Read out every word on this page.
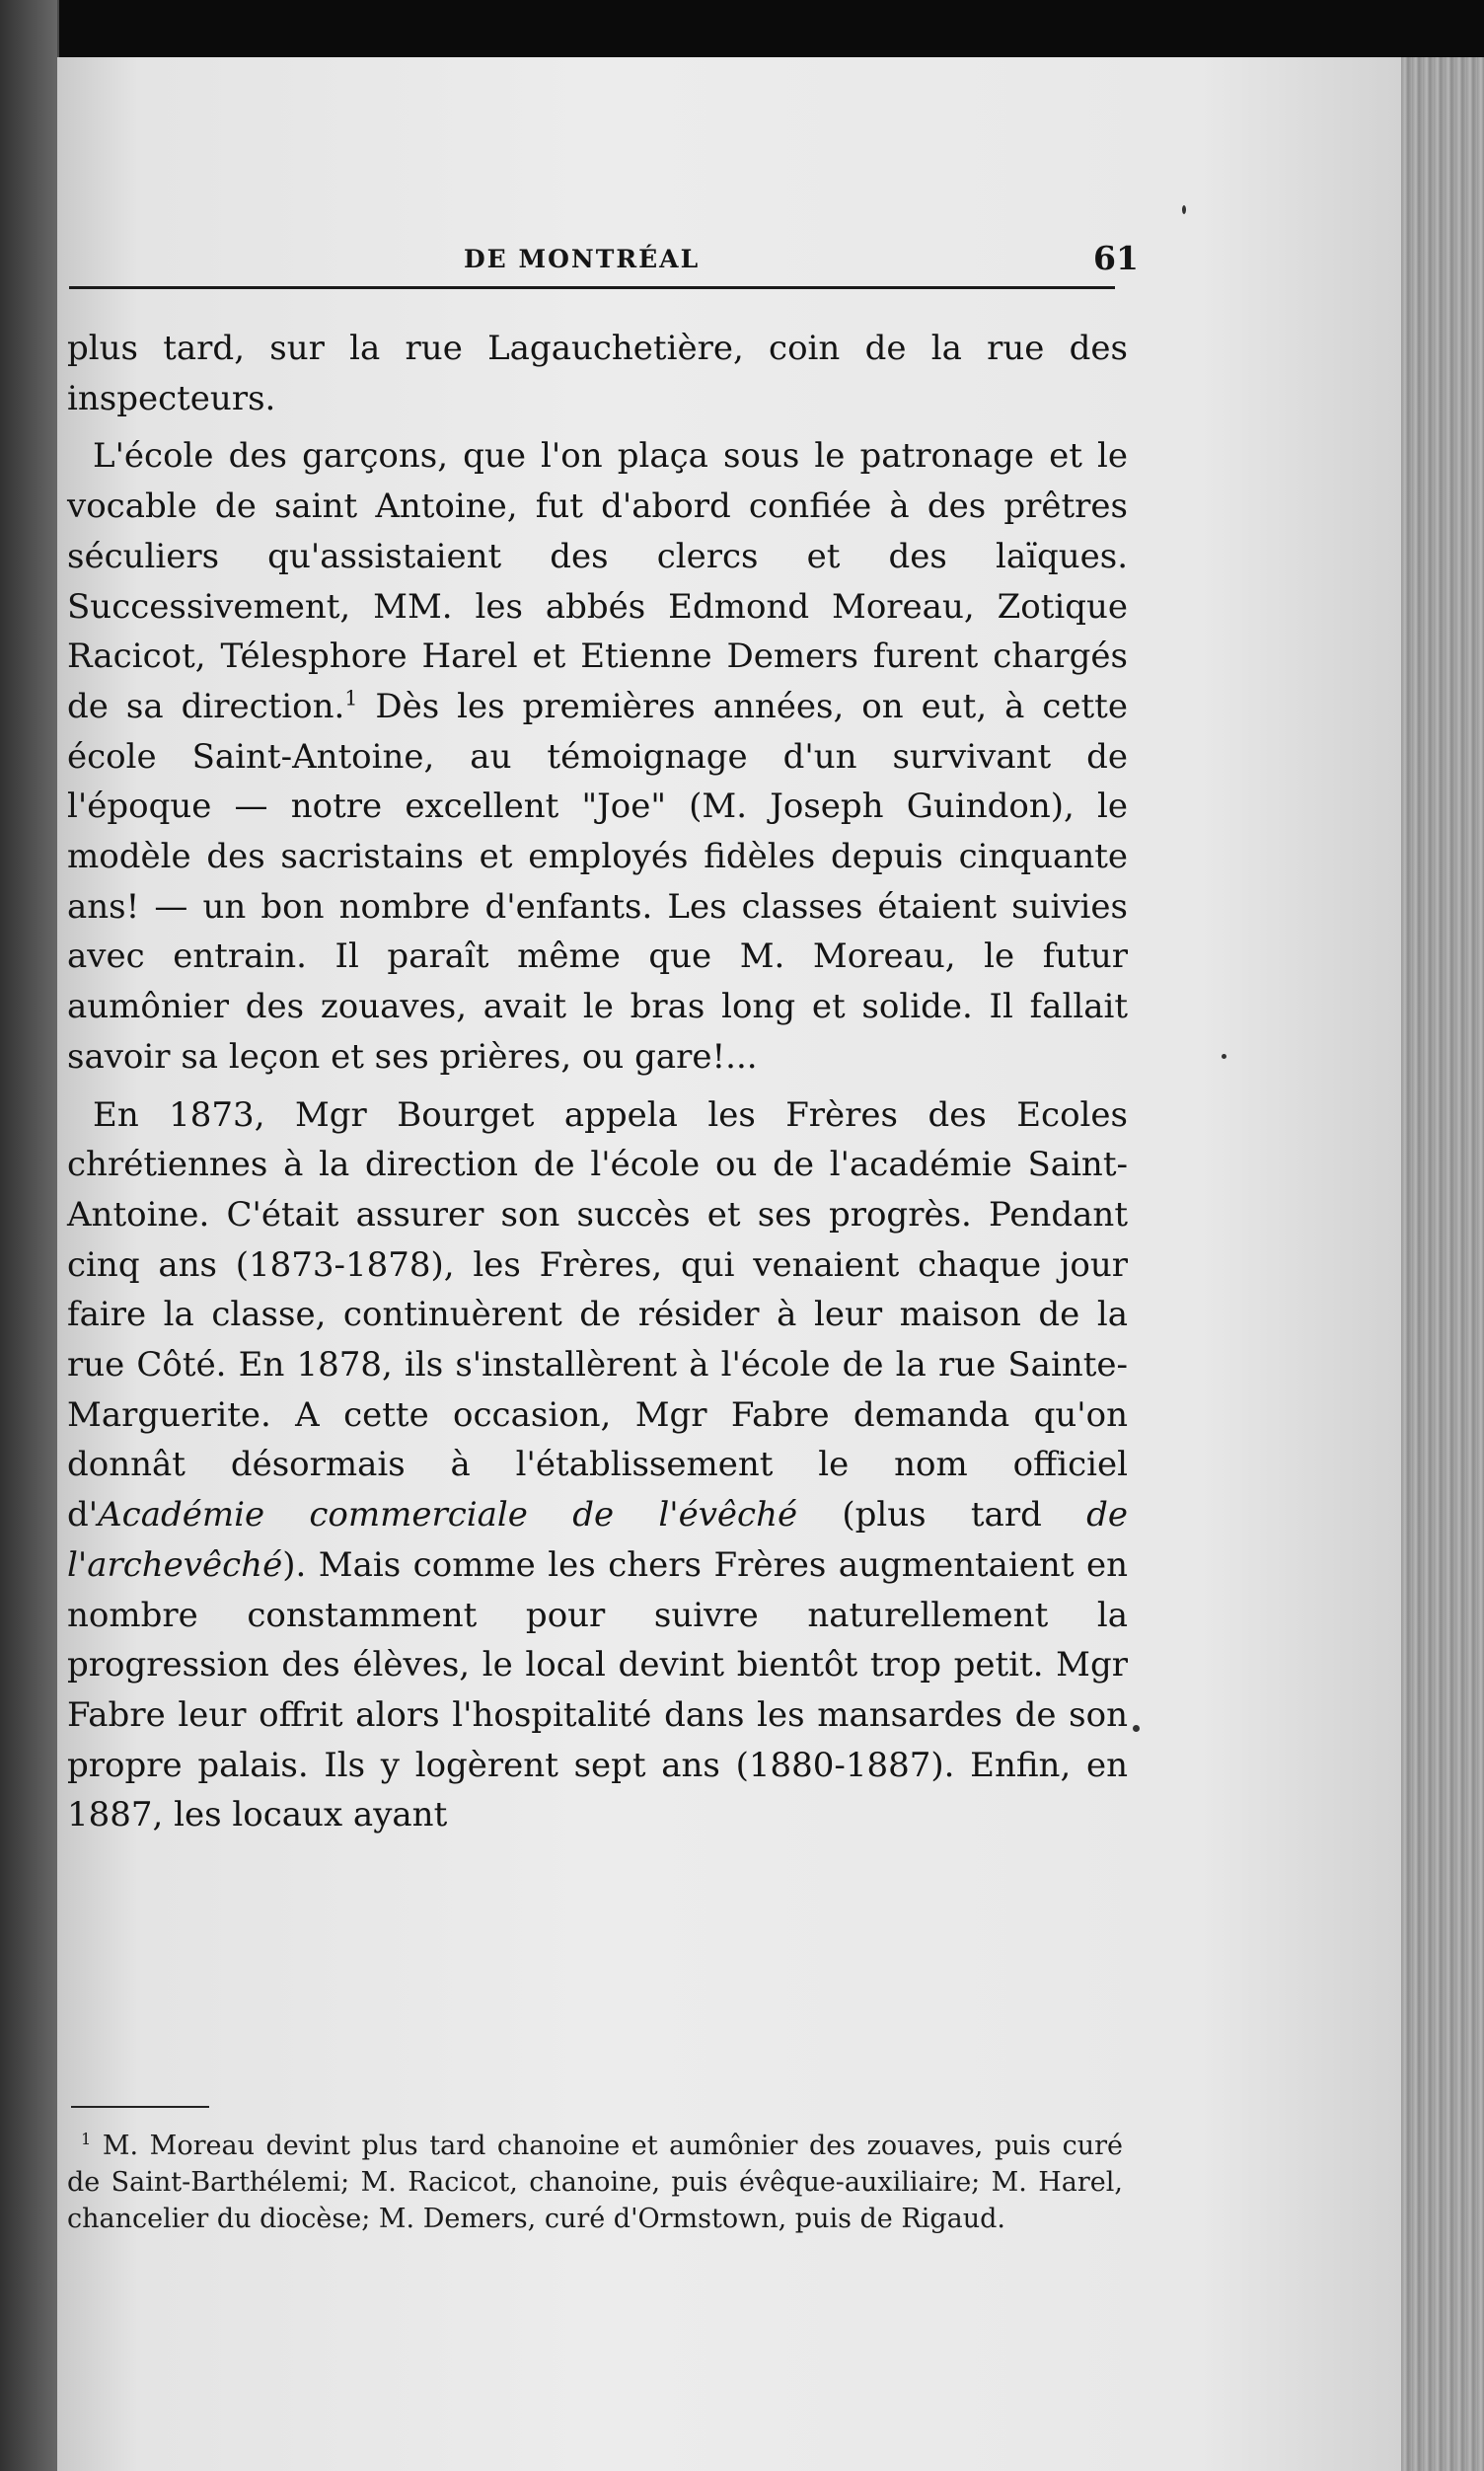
DE MONTRÉAL	61

plus tard, sur la rue Lagauchetière, coin de la rue des inspecteurs.

L'école des garçons, que l'on plaça sous le patronage et le vocable de saint Antoine, fut d'abord confiée à des prêtres séculiers qu'assistaient des clercs et des laïques. Successivement, MM. les abbés Edmond Moreau, Zotique Racicot, Télesphore Harel et Etienne Demers furent chargés de sa direction.$^1$ Dès les premières années, on eut, à cette école Saint-Antoine, au témoignage d'un survivant de l'époque — notre excellent "Joe" (M. Joseph Guindon), le modèle des sacristains et employés fidèles depuis cinquante ans! — un bon nombre d'enfants. Les classes étaient suivies avec entrain. Il paraît même que M. Moreau, le futur aumônier des zouaves, avait le bras long et solide. Il fallait savoir sa leçon et ses prières, ou gare!...

En 1873, Mgr Bourget appela les Frères des Ecoles chrétiennes à la direction de l'école ou de l'académie Saint-Antoine. C'était assurer son succès et ses progrès. Pendant cinq ans (1873-1878), les Frères, qui venaient chaque jour faire la classe, continuèrent de résider à leur maison de la rue Côté. En 1878, ils s'installèrent à l'école de la rue Sainte-Marguerite. A cette occasion, Mgr Fabre demanda qu'on donnât désormais à l'établissement le nom officiel d'Académie commerciale de l'évêché (plus tard de l'archevêché). Mais comme les chers Frères augmentaient en nombre constamment pour suivre naturellement la progression des élèves, le local devint bientôt trop petit. Mgr Fabre leur offrit alors l'hospitalité dans les mansardes de son propre palais. Ils y logèrent sept ans (1880-1887). Enfin, en 1887, les locaux ayant

$^1$ M. Moreau devint plus tard chanoine et aumônier des zouaves, puis curé de Saint-Barthélemi; M. Racicot, chanoine, puis évêque-auxiliaire; M. Harel, chancelier du diocèse; M. Demers, curé d'Ormstown, puis de Rigaud.
